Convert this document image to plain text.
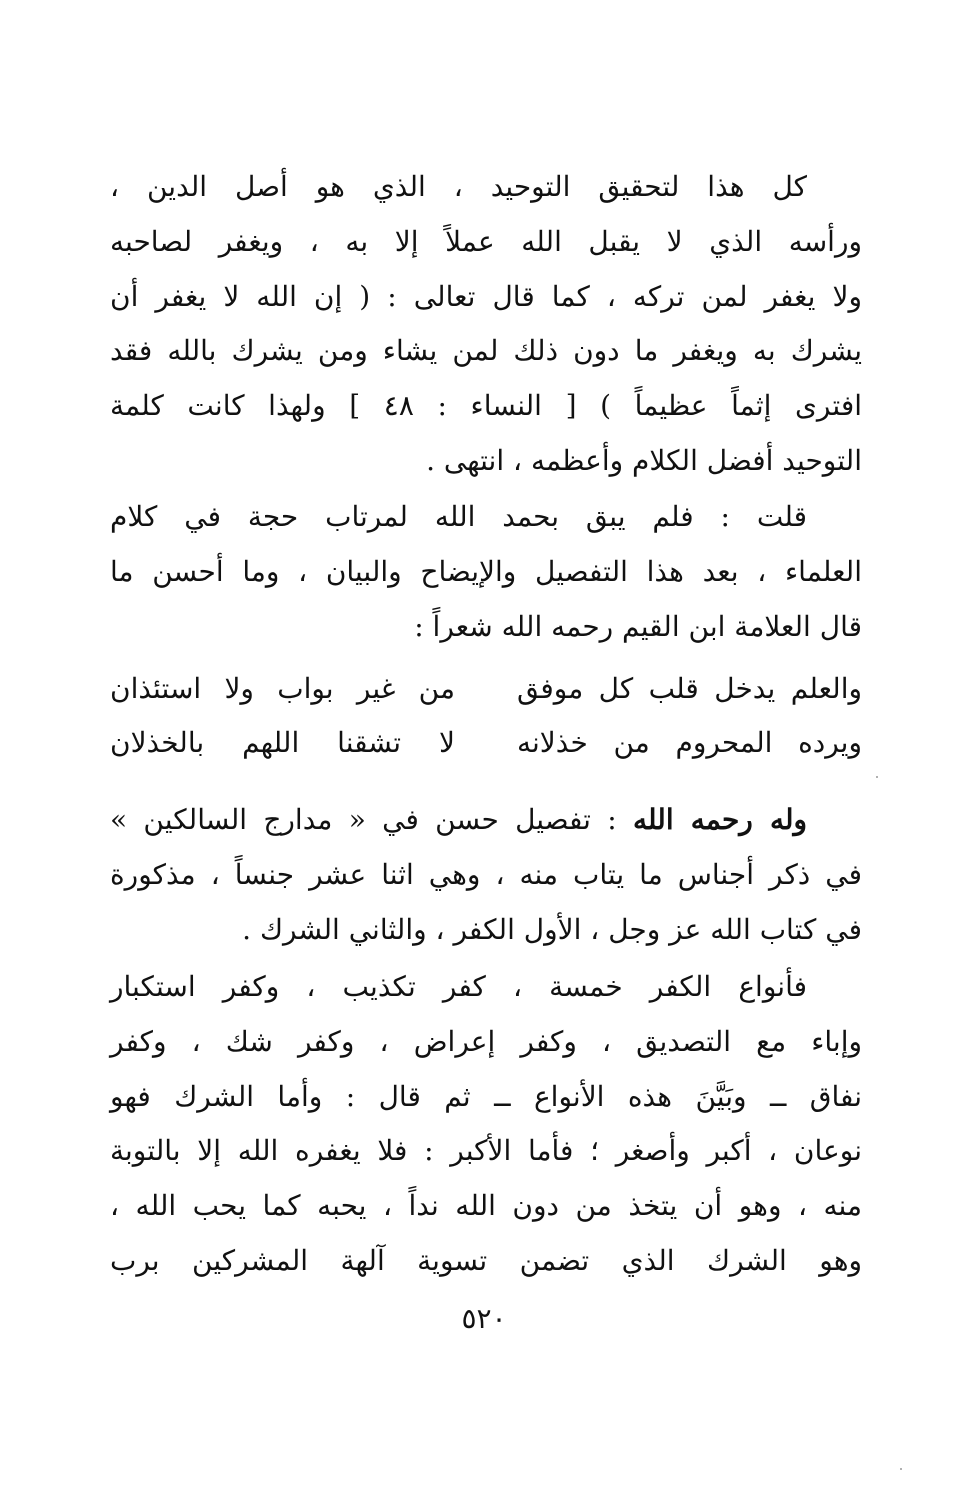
كل هذا لتحقيق التوحيد ، الذي هو أصل الدين ،
ورأسه الذي لا يقبل الله عملاً إلا به ، ويغفر لصاحبه
ولا يغفر لمن تركه ، كما قال تعالى : ( إن الله لا يغفر أن
يشرك به ويغفر ما دون ذلك لمن يشاء ومن يشرك بالله فقد
افترى إثماً عظيماً ) [ النساء : ٤٨ ] ولهذا كانت كلمة
التوحيد أفضل الكلام وأعظمه ، انتهى .
قلت : فلم يبق بحمد الله لمرتاب حجة في كلام
العلماء ، بعد هذا التفصيل والإيضاح والبيان ، وما أحسن ما
قال العلامة ابن القيم رحمه الله شعراً :
والعلم يدخل قلب كل موفق
من غير بواب ولا استئذان
ويرده المحروم من خذلانه
لا تشقنا اللهم بالخذلان
وله رحمه الله : تفصيل حسن في « مدارج السالكين »
في ذكر أجناس ما يتاب منه ، وهي اثنا عشر جنساً ، مذكورة
في كتاب الله عز وجل ، الأول الكفر ، والثاني الشرك .
فأنواع الكفر خمسة ، كفر تكذيب ، وكفر استكبار
وإباء مع التصديق ، وكفر إعراض ، وكفر شك ، وكفر
نفاق ــ وبَيَّنَ هذه الأنواع ــ ثم قال : وأما الشرك فهو
نوعان ، أكبر وأصغر ؛ فأما الأكبر : فلا يغفره الله إلا بالتوبة
منه ، وهو أن يتخذ من دون الله نداً ، يحبه كما يحب الله ،
وهو الشرك الذي تضمن تسوية آلهة المشركين برب
٥٢٠
